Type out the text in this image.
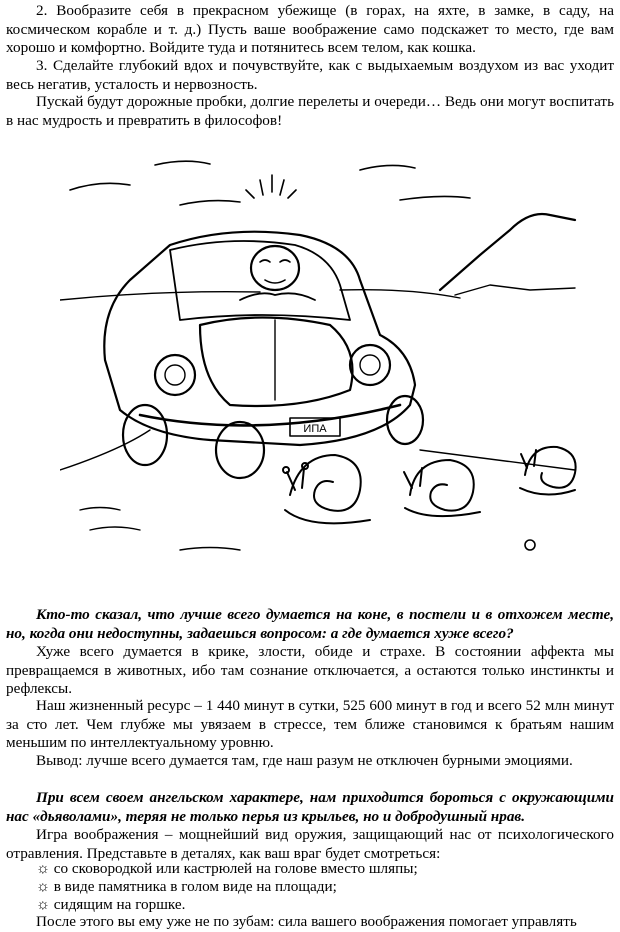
2. Вообразите себя в прекрасном убежище (в горах, на яхте, в замке, в саду, на космическом корабле и т. д.) Пусть ваше воображение само подскажет то место, где вам хорошо и комфортно. Войдите туда и потянитесь всем телом, как кошка.

3. Сделайте глубокий вдох и почувствуйте, как с выдыхаемым воздухом из вас уходит весь негатив, усталость и нервозность.

Пускай будут дорожные пробки, долгие перелеты и очереди… Ведь они могут воспитать в нас мудрость и превратить в философов!

ИПА

Кто-то сказал, что лучше всего думается на коне, в постели и в отхожем месте, но, когда они недоступны, задаешься вопросом: а где думается хуже всего?

Хуже всего думается в крике, злости, обиде и страхе. В состоянии аффекта мы превращаемся в животных, ибо там сознание отключается, а остаются только инстинкты и рефлексы.

Наш жизненный ресурс – 1 440 минут в сутки, 525 600 минут в год и всего 52 млн минут за сто лет. Чем глубже мы увязаем в стрессе, тем ближе становимся к братьям нашим меньшим по интеллектуальному уровню.

Вывод: лучше всего думается там, где наш разум не отключен бурными эмоциями.

При всем своем ангельском характере, нам приходится бороться с окружающими нас «дьяволами», теряя не только перья из крыльев, но и добродушный нрав.

Игра воображения – мощнейший вид оружия, защищающий нас от психологического отравления. Представьте в деталях, как ваш враг будет смотреться:

☼ со сковородкой или кастрюлей на голове вместо шляпы;

☼ в виде памятника в голом виде на площади;

☼ сидящим на горшке.

После этого вы ему уже не по зубам: сила вашего воображения помогает управлять
